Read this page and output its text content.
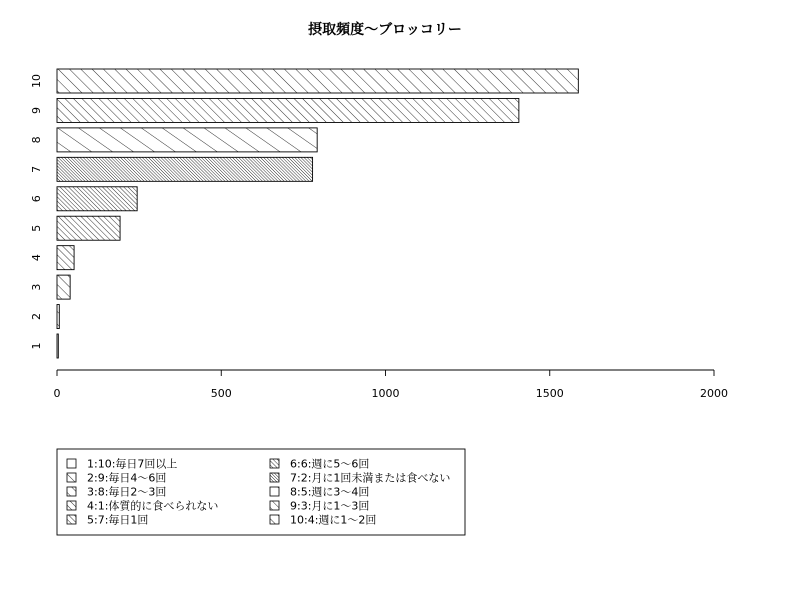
摂取頻度〜ブロッコリー
1
2
3
4
5
6
7
8
9
10
0	500	1000	1500	2000
1:10:毎日7回以上
2:9:毎日4〜6回
3:8:毎日2〜3回
4:1:体質的に食べられない
5:7:毎日1回
6:6:週に5〜6回
7:2:月に1回未満または食べない
8:5:週に3〜4回
9:3:月に1〜3回
10:4:週に1〜2回
